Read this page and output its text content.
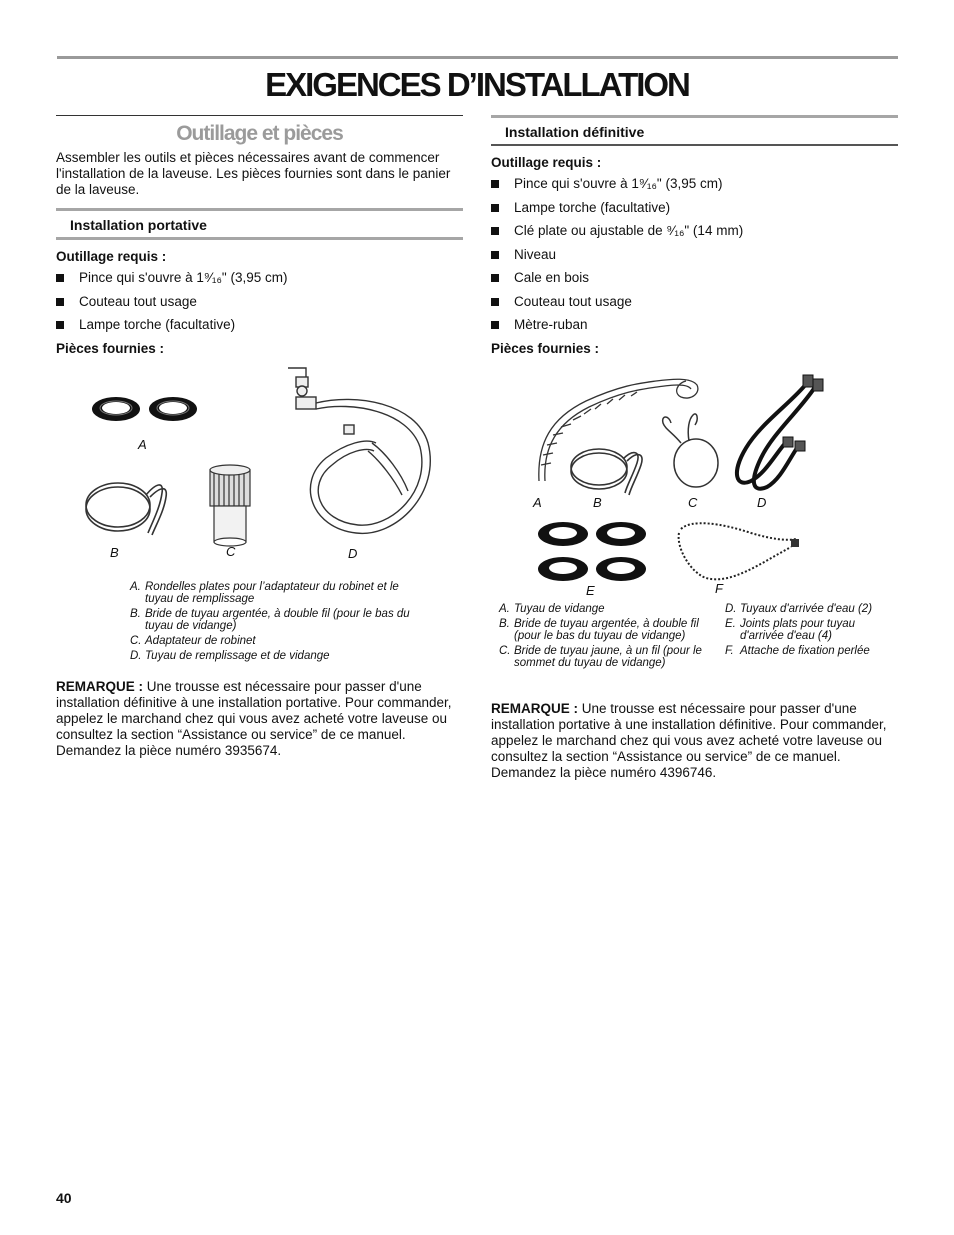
EXIGENCES D’INSTALLATION
Outillage et pièces

Assembler les outils et pièces nécessaires avant de commencer l'installation de la laveuse. Les pièces fournies sont dans le panier de la laveuse.

Installation portative

Outillage requis :

Pince qui s'ouvre à 1⁹⁄₁₆" (3,95 cm)
Couteau tout usage
Lampe torche (facultative)

Pièces fournies :

A
B	C	D
A. Rondelles plates pour l’adaptateur du robinet et le tuyau de remplissage
B. Bride de tuyau argentée, à double fil (pour le bas du tuyau de vidange)
C. Adaptateur de robinet
D. Tuyau de remplissage et de vidange

REMARQUE : Une trousse est nécessaire pour passer d'une installation définitive à une installation portative. Pour commander, appelez le marchand chez qui vous avez acheté votre laveuse ou consultez la section “Assistance ou service” de ce manuel. Demandez la pièce numéro 3935674.

Installation définitive

Outillage requis :

Pince qui s'ouvre à 1⁹⁄₁₆" (3,95 cm)
Lampe torche (facultative)
Clé plate ou ajustable de ⁹⁄₁₆" (14 mm)
Niveau
Cale en bois
Couteau tout usage
Mètre-ruban

Pièces fournies :

A	B	C	D
E	F
A. Tuyau de vidange
B. Bride de tuyau argentée, à double fil (pour le bas du tuyau de vidange)
C. Bride de tuyau jaune, à un fil (pour le sommet du tuyau de vidange)
D. Tuyaux d'arrivée d'eau (2)
E. Joints plats pour tuyau d'arrivée d'eau (4)
F. Attache de fixation perlée

REMARQUE : Une trousse est nécessaire pour passer d'une installation portative à une installation définitive. Pour commander, appelez le marchand chez qui vous avez acheté votre laveuse ou consultez la section “Assistance ou service” de ce manuel. Demandez la pièce numéro 4396746.

40
